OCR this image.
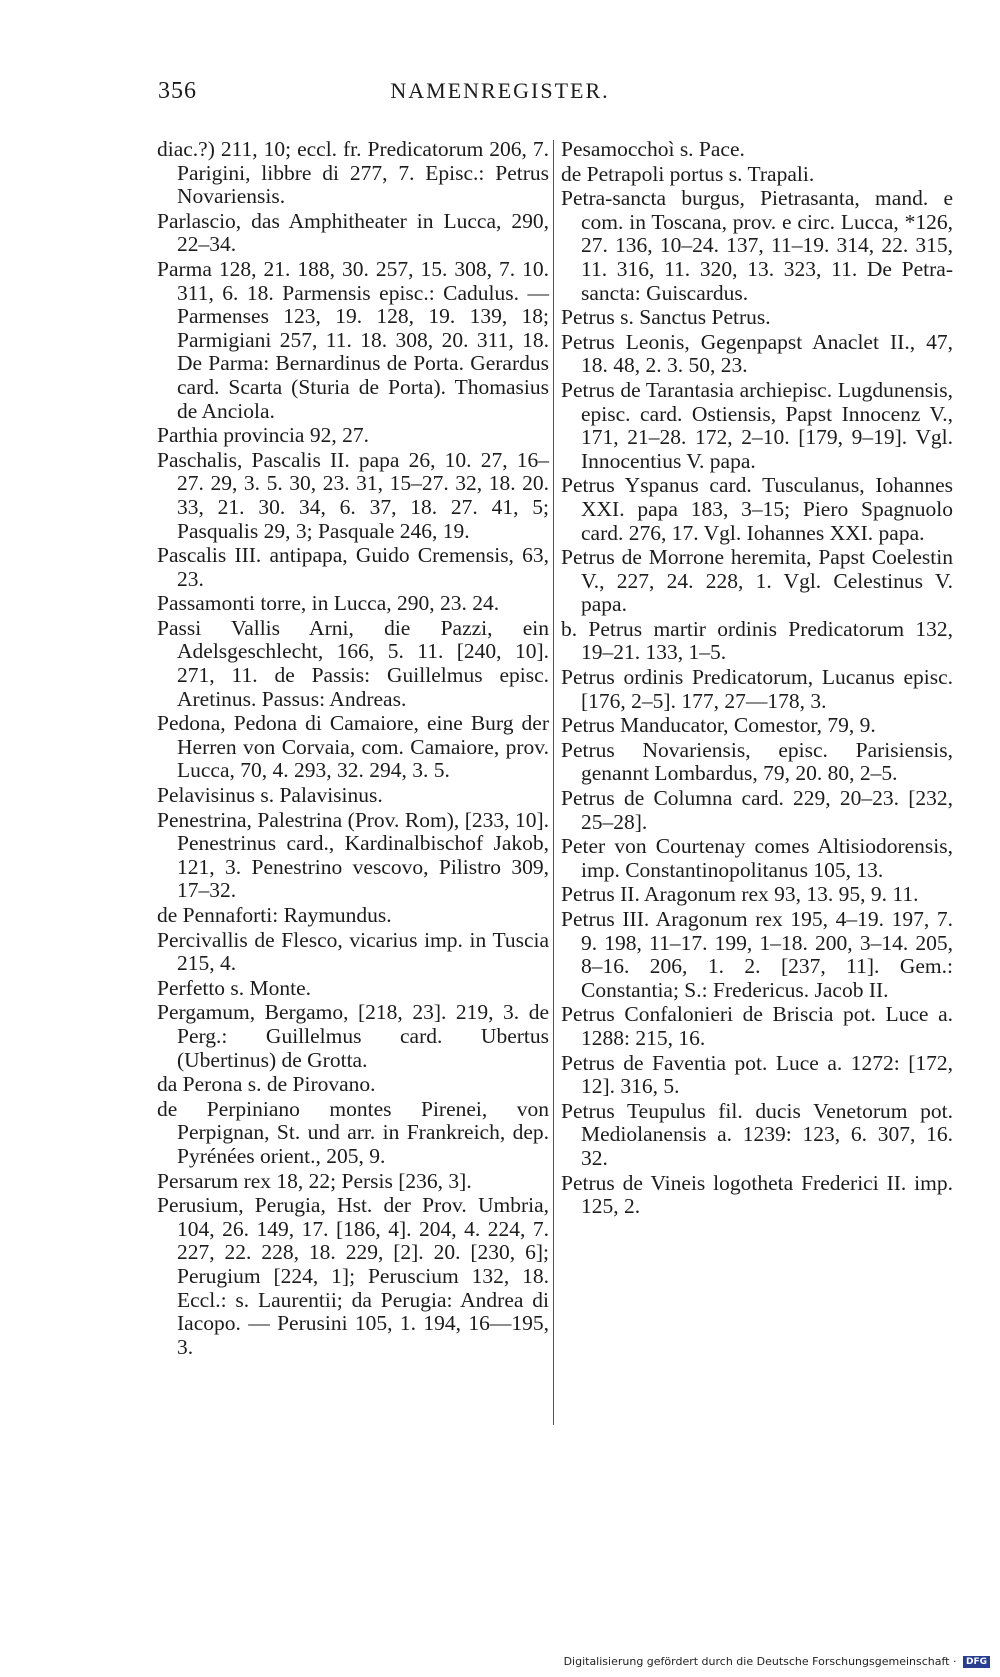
356	NAMENREGISTER.

diac.?) 211, 10; eccl. fr. Predicatorum 206, 7. Parigini, libbre di 277, 7. Episc.: Petrus Novariensis.

Parlascio, das Amphitheater in Lucca, 290, 22–34.

Parma 128, 21. 188, 30. 257, 15. 308, 7. 10. 311, 6. 18. Parmensis episc.: Cadulus. — Parmenses 123, 19. 128, 19. 139, 18; Parmigiani 257, 11. 18. 308, 20. 311, 18. De Parma: Bernardinus de Porta. Gerardus card. Scarta (Sturia de Porta). Thomasius de Anciola.

Parthia provincia 92, 27.

Paschalis, Pascalis II. papa 26, 10. 27, 16–27. 29, 3. 5. 30, 23. 31, 15–27. 32, 18. 20. 33, 21. 30. 34, 6. 37, 18. 27. 41, 5; Pasqualis 29, 3; Pasquale 246, 19.

Pascalis III. antipapa, Guido Cremensis, 63, 23.

Passamonti torre, in Lucca, 290, 23. 24.

Passi Vallis Arni, die Pazzi, ein Adelsgeschlecht, 166, 5. 11. [240, 10]. 271, 11. de Passis: Guillelmus episc. Aretinus. Passus: Andreas.

Pedona, Pedona di Camaiore, eine Burg der Herren von Corvaia, com. Camaiore, prov. Lucca, 70, 4. 293, 32. 294, 3. 5.

Pelavisinus s. Palavisinus.

Penestrina, Palestrina (Prov. Rom), [233, 10]. Penestrinus card., Kardinalbischof Jakob, 121, 3. Penestrino vescovo, Pilistro 309, 17–32.

de Pennaforti: Raymundus.

Percivallis de Flesco, vicarius imp. in Tuscia 215, 4.

Perfetto s. Monte.

Pergamum, Bergamo, [218, 23]. 219, 3. de Perg.: Guillelmus card. Ubertus (Ubertinus) de Grotta.

da Perona s. de Pirovano.

de Perpiniano montes Pirenei, von Perpignan, St. und arr. in Frankreich, dep. Pyrénées orient., 205, 9.

Persarum rex 18, 22; Persis [236, 3].

Perusium, Perugia, Hst. der Prov. Umbria, 104, 26. 149, 17. [186, 4]. 204, 4. 224, 7. 227, 22. 228, 18. 229, [2]. 20. [230, 6]; Perugium [224, 1]; Peruscium 132, 18. Eccl.: s. Laurentii; da Perugia: Andrea di Iacopo. — Perusini 105, 1. 194, 16—195, 3.

Pesamocchoì s. Pace.

de Petrapoli portus s. Trapali.

Petra-sancta burgus, Pietrasanta, mand. e com. in Toscana, prov. e circ. Lucca, *126, 27. 136, 10–24. 137, 11–19. 314, 22. 315, 11. 316, 11. 320, 13. 323, 11. De Petra-sancta: Guiscardus.

Petrus s. Sanctus Petrus.

Petrus Leonis, Gegenpapst Anaclet II., 47, 18. 48, 2. 3. 50, 23.

Petrus de Tarantasia archiepisc. Lugdunensis, episc. card. Ostiensis, Papst Innocenz V., 171, 21–28. 172, 2–10. [179, 9–19]. Vgl. Innocentius V. papa.

Petrus Yspanus card. Tusculanus, Iohannes XXI. papa 183, 3–15; Piero Spagnuolo card. 276, 17. Vgl. Iohannes XXI. papa.

Petrus de Morrone heremita, Papst Coelestin V., 227, 24. 228, 1. Vgl. Celestinus V. papa.

b. Petrus martir ordinis Predicatorum 132, 19–21. 133, 1–5.

Petrus ordinis Predicatorum, Lucanus episc. [176, 2–5]. 177, 27—178, 3.

Petrus Manducator, Comestor, 79, 9.

Petrus Novariensis, episc. Parisiensis, genannt Lombardus, 79, 20. 80, 2–5.

Petrus de Columna card. 229, 20–23. [232, 25–28].

Peter von Courtenay comes Altisiodorensis, imp. Constantinopolitanus 105, 13.

Petrus II. Aragonum rex 93, 13. 95, 9. 11.

Petrus III. Aragonum rex 195, 4–19. 197, 7. 9. 198, 11–17. 199, 1–18. 200, 3–14. 205, 8–16. 206, 1. 2. [237, 11]. Gem.: Constantia; S.: Fredericus. Jacob II.

Petrus Confalonieri de Briscia pot. Luce a. 1288: 215, 16.

Petrus de Faventia pot. Luce a. 1272: [172, 12]. 316, 5.

Petrus Teupulus fil. ducis Venetorum pot. Mediolanensis a. 1239: 123, 6. 307, 16. 32.

Petrus de Vineis logotheta Frederici II. imp. 125, 2.

Digitalisierung gefördert durch die Deutsche Forschungsgemeinschaft · DFG
